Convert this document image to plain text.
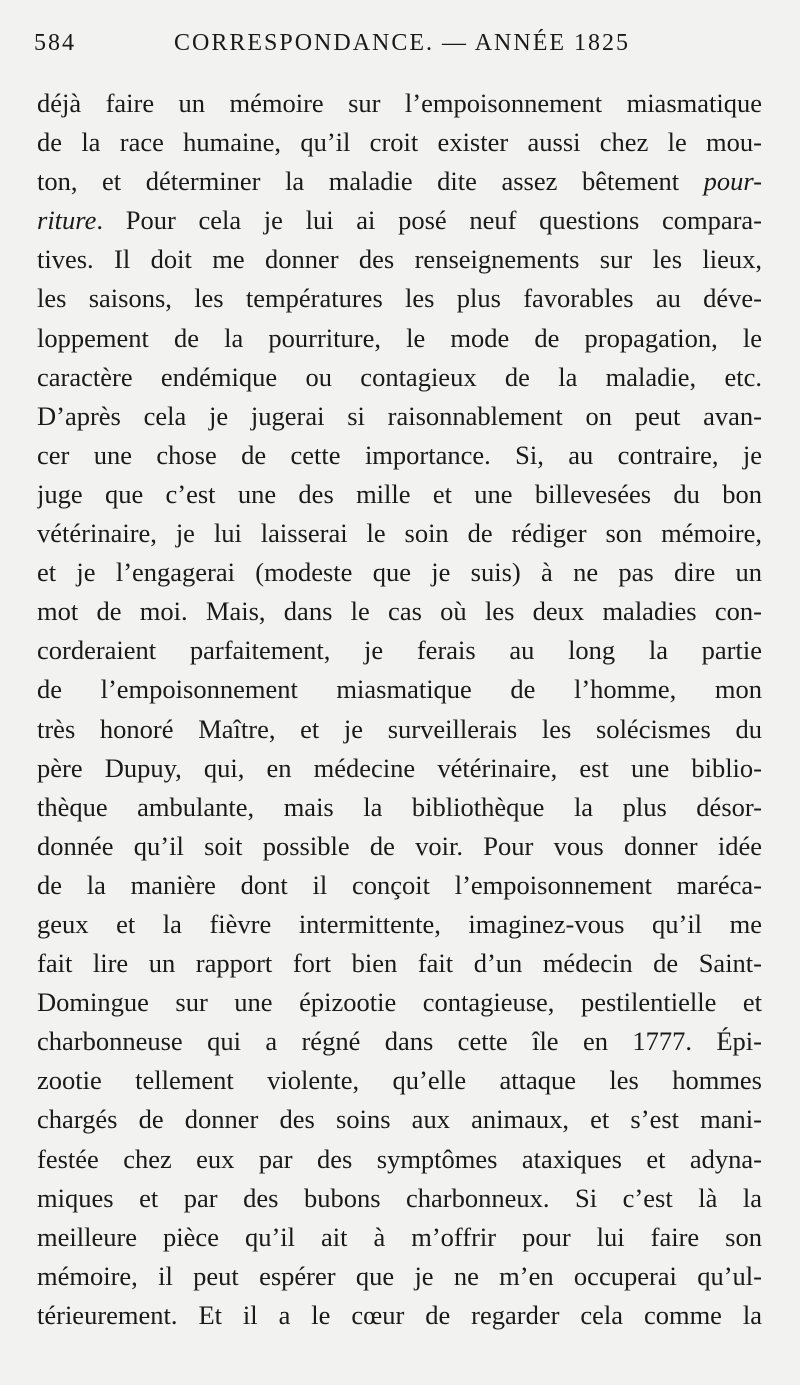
584	CORRESPONDANCE. — ANNÉE 1825
déjà faire un mémoire sur l’empoisonnement miasmatique
de la race humaine, qu’il croit exister aussi chez le mou-
ton, et déterminer la maladie dite assez bêtement pour-
riture. Pour cela je lui ai posé neuf questions compara-
tives. Il doit me donner des renseignements sur les lieux,
les saisons, les températures les plus favorables au déve-
loppement de la pourriture, le mode de propagation, le
caractère endémique ou contagieux de la maladie, etc.
D’après cela je jugerai si raisonnablement on peut avan-
cer une chose de cette importance. Si, au contraire, je
juge que c’est une des mille et une billevesées du bon
vétérinaire, je lui laisserai le soin de rédiger son mémoire,
et je l’engagerai (modeste que je suis) à ne pas dire un
mot de moi. Mais, dans le cas où les deux maladies con-
corderaient parfaitement, je ferais au long la partie
de l’empoisonnement miasmatique de l’homme, mon
très honoré Maître, et je surveillerais les solécismes du
père Dupuy, qui, en médecine vétérinaire, est une biblio-
thèque ambulante, mais la bibliothèque la plus désor-
donnée qu’il soit possible de voir. Pour vous donner idée
de la manière dont il conçoit l’empoisonnement maréca-
geux et la fièvre intermittente, imaginez-vous qu’il me
fait lire un rapport fort bien fait d’un médecin de Saint-
Domingue sur une épizootie contagieuse, pestilentielle et
charbonneuse qui a régné dans cette île en 1777. Épi-
zootie tellement violente, qu’elle attaque les hommes
chargés de donner des soins aux animaux, et s’est mani-
festée chez eux par des symptômes ataxiques et adyna-
miques et par des bubons charbonneux. Si c’est là la
meilleure pièce qu’il ait à m’offrir pour lui faire son
mémoire, il peut espérer que je ne m’en occuperai qu’ul-
térieurement. Et il a le cœur de regarder cela comme la
